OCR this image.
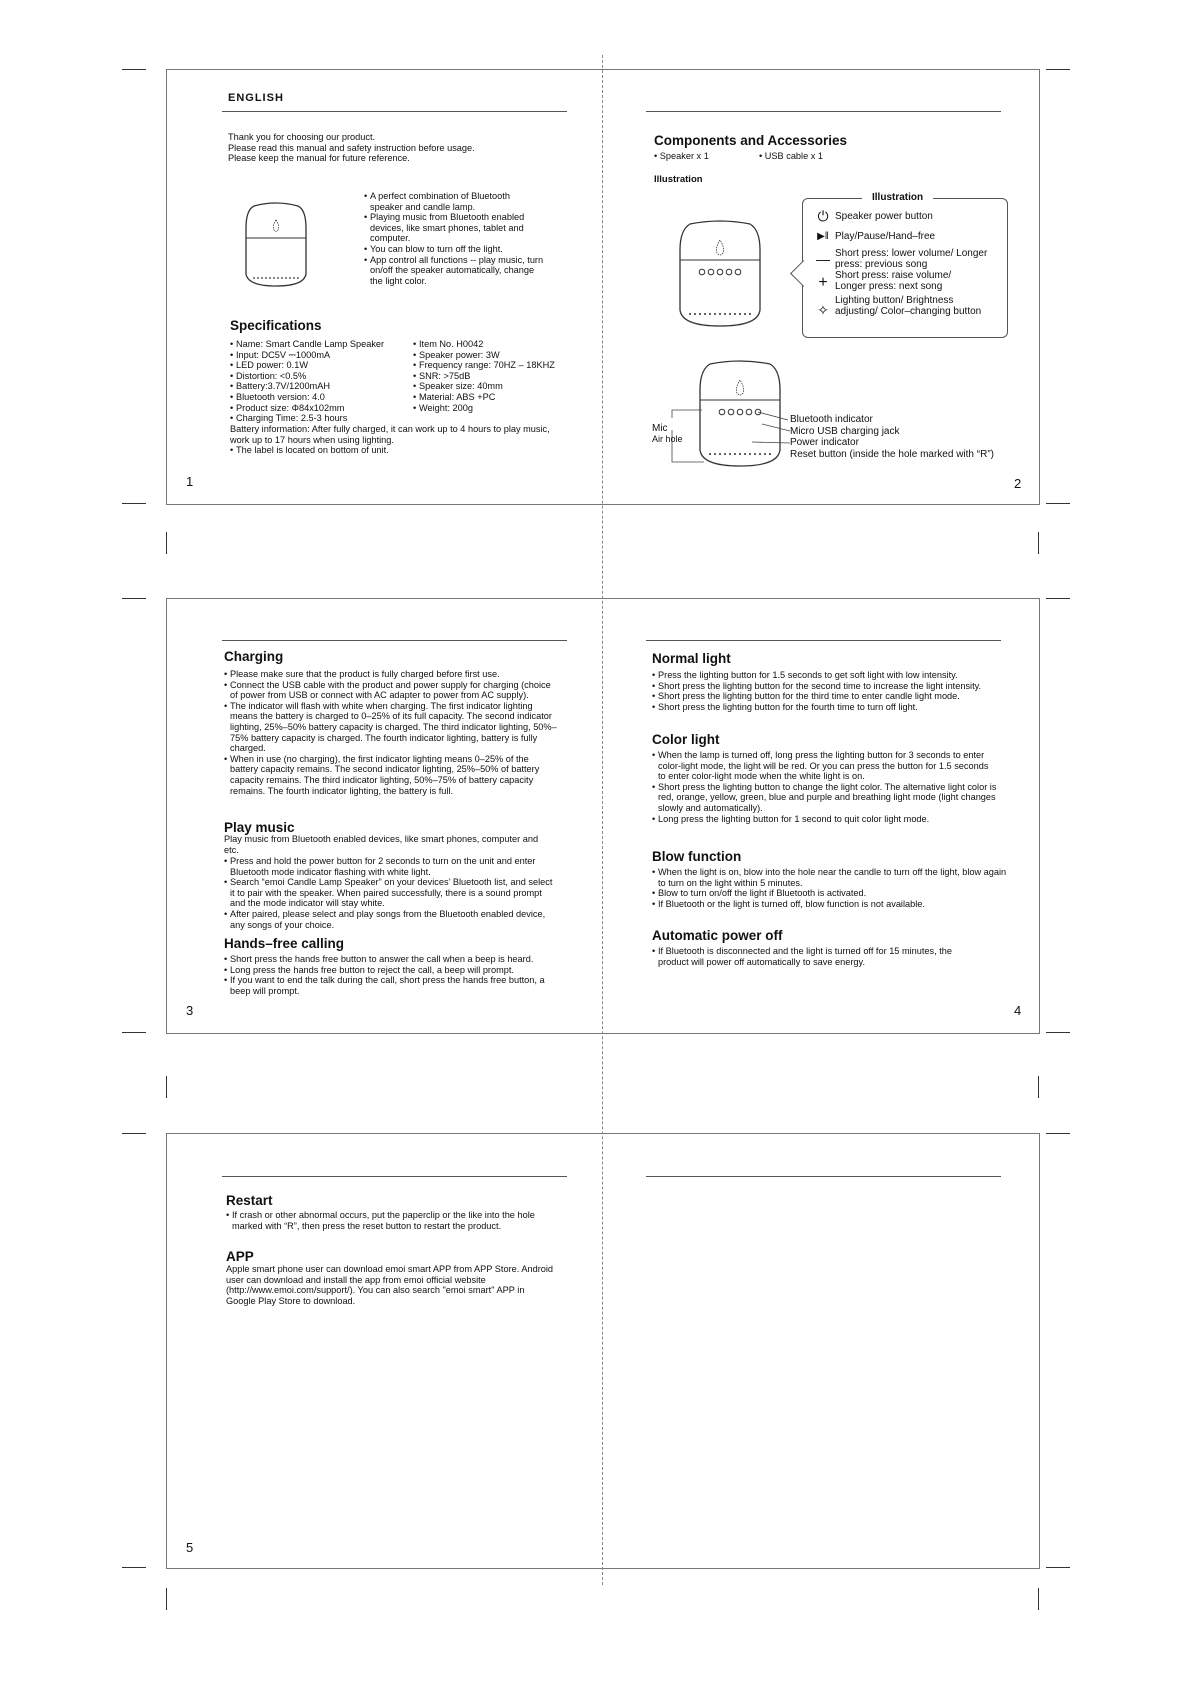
ENGLISH
Thank you for choosing our product.
Please read this manual and safety instruction before usage.
Please keep the manual for future reference.
• A perfect combination of Bluetooth speaker and candle lamp.
• Playing music from Bluetooth enabled devices, like smart phones, tablet and computer.
• You can blow to turn off the light.
• App control all functions -- play music, turn on/off the speaker automatically, change the light color.
Specifications
• Name: Smart Candle Lamp Speaker
• Input: DC5V ⎓1000mA
• LED power: 0.1W
• Distortion: <0.5%
• Battery:3.7V/1200mAH
• Bluetooth version: 4.0
• Product size: Φ84x102mm
• Charging Time: 2.5-3 hours
• Item No. H0042
• Speaker power: 3W
• Frequency range: 70HZ – 18KHZ
• SNR: >75dB
• Speaker size: 40mm
• Material: ABS +PC
• Weight: 200g
Battery information: After fully charged, it can work up to 4 hours to play music, work up to 17 hours when using lighting.
• The label is located on bottom of unit.
1
Components and Accessories
• Speaker x 1	• USB cable x 1
Illustration
Illustration
⏻ Speaker power button
▶ǁ Play/Pause/Hand–free
— Short press: lower volume/ Longer press: previous song
+ Short press: raise volume/ Longer press: next song
✧
Lighting button/ Brightness adjusting/ Color–changing button
Mic
Air hole
Bluetooth indicator
Micro USB charging jack
Power indicator
Reset button (inside the hole marked with “R”)
2
Charging
• Please make sure that the product is fully charged before first use.
• Connect the USB cable with the product and power supply for charging (choice of power from USB or connect with AC adapter to power from AC supply).
• The indicator will flash with white when charging. The first indicator lighting means the battery is charged to 0–25% of its full capacity. The second indicator lighting, 25%–50% battery capacity is charged. The third indicator lighting, 50%–75% battery capacity is charged. The fourth indicator lighting, battery is fully charged.
• When in use (no charging), the first indicator lighting means 0–25% of the battery capacity remains. The second indicator lighting, 25%–50% of battery capacity remains. The third indicator lighting, 50%–75% of battery capacity remains. The fourth indicator lighting, the battery is full.
Play music
Play music from Bluetooth enabled devices, like smart phones, computer and etc.
• Press and hold the power button for 2 seconds to turn on the unit and enter Bluetooth mode indicator flashing with white light.
• Search “emoi Candle Lamp Speaker” on your devices’ Bluetooth list, and select it to pair with the speaker. When paired successfully, there is a sound prompt and the mode indicator will stay white.
• After paired, please select and play songs from the Bluetooth enabled device, any songs of your choice.
Hands–free calling
• Short press the hands free button to answer the call when a beep is heard.
• Long press the hands free button to reject the call, a beep will prompt.
• If you want to end the talk during the call, short press the hands free button, a beep will prompt.
3
Normal light
• Press the lighting button for 1.5 seconds to get soft light with low intensity.
• Short press the lighting button for the second time to increase the light intensity.
• Short press the lighting button for the third time to enter candle light mode.
• Short press the lighting button for the fourth time to turn off light.
Color light
• When the lamp is turned off, long press the lighting button for 3 seconds to enter color-light mode, the light will be red. Or you can press the button for 1.5 seconds to enter color-light mode when the white light is on.
• Short press the lighting button to change the light color. The alternative light color is red, orange, yellow, green, blue and purple and breathing light mode (light changes slowly and automatically).
• Long press the lighting button for 1 second to quit color light mode.
Blow function
• When the light is on, blow into the hole near the candle to turn off the light, blow again to turn on the light within 5 minutes.
• Blow to turn on/off the light if Bluetooth is activated.
• If Bluetooth or the light is turned off, blow function is not available.
Automatic power off
• If Bluetooth is disconnected and the light is turned off for 15 minutes, the product will power off automatically to save energy.
4
Restart
• If crash or other abnormal occurs, put the paperclip or the like into the hole marked with “R”, then press the reset button to restart the product.
APP
Apple smart phone user can download emoi smart APP from APP Store. Android user can download and install the app from emoi official website (http://www.emoi.com/support/). You can also search "emoi smart" APP in Google Play Store to download.
5
